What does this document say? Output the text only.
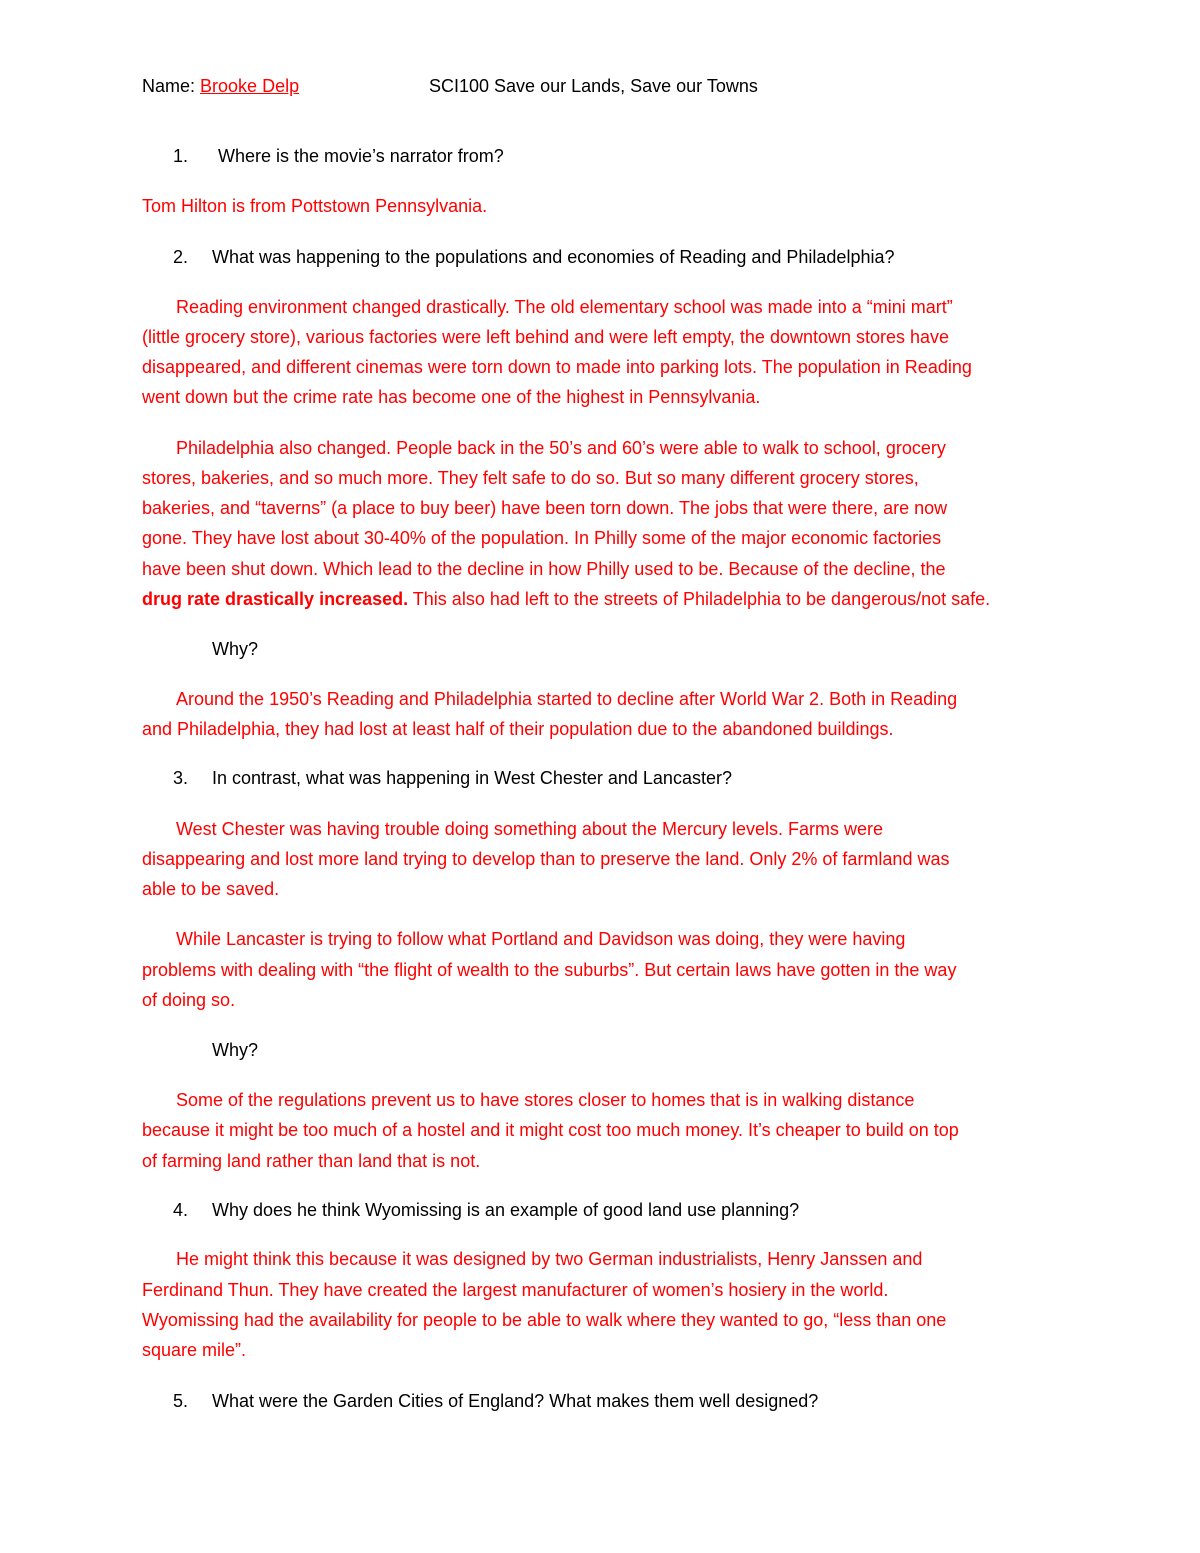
Name: Brooke Delp	SCI100 Save our Lands, Save our Towns
1. Where is the movie’s narrator from?
Tom Hilton is from Pottstown Pennsylvania.
2. What was happening to the populations and economies of Reading and Philadelphia?
Reading environment changed drastically. The old elementary school was made into a “mini mart”
(little grocery store), various factories were left behind and were left empty, the downtown stores have
disappeared, and different cinemas were torn down to made into parking lots. The population in Reading
went down but the crime rate has become one of the highest in Pennsylvania.
Philadelphia also changed. People back in the 50’s and 60’s were able to walk to school, grocery
stores, bakeries, and so much more. They felt safe to do so. But so many different grocery stores,
bakeries, and “taverns” (a place to buy beer) have been torn down. The jobs that were there, are now
gone. They have lost about 30-40% of the population. In Philly some of the major economic factories
have been shut down. Which lead to the decline in how Philly used to be. Because of the decline, the
drug rate drastically increased. This also had left to the streets of Philadelphia to be dangerous/not safe.
Why?
Around the 1950’s Reading and Philadelphia started to decline after World War 2. Both in Reading
and Philadelphia, they had lost at least half of their population due to the abandoned buildings.
3. In contrast, what was happening in West Chester and Lancaster?
West Chester was having trouble doing something about the Mercury levels. Farms were
disappearing and lost more land trying to develop than to preserve the land. Only 2% of farmland was
able to be saved.
While Lancaster is trying to follow what Portland and Davidson was doing, they were having
problems with dealing with “the flight of wealth to the suburbs”. But certain laws have gotten in the way
of doing so.
Why?
Some of the regulations prevent us to have stores closer to homes that is in walking distance
because it might be too much of a hostel and it might cost too much money. It’s cheaper to build on top
of farming land rather than land that is not.
4. Why does he think Wyomissing is an example of good land use planning?
He might think this because it was designed by two German industrialists, Henry Janssen and
Ferdinand Thun. They have created the largest manufacturer of women’s hosiery in the world.
Wyomissing had the availability for people to be able to walk where they wanted to go, “less than one
square mile”.
5. What were the Garden Cities of England? What makes them well designed?
